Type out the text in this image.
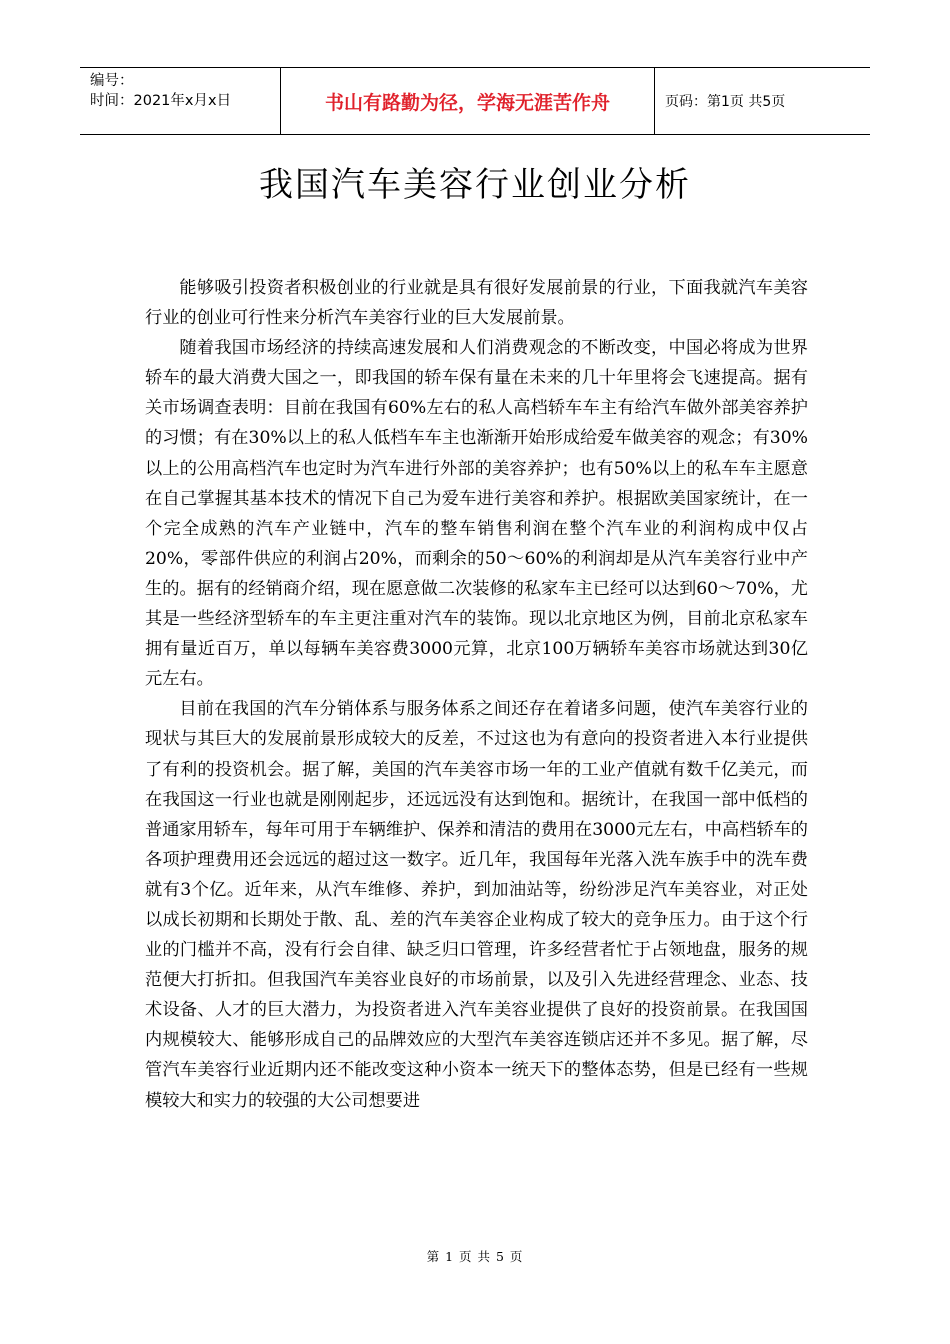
编号：
时间：2021年x月x日	书山有路勤为径，学海无涯苦作舟	页码：第1页 共5页
我国汽车美容行业创业分析

能够吸引投资者积极创业的行业就是具有很好发展前景的行业，下面我就汽车美容行业的创业可行性来分析汽车美容行业的巨大发展前景。

随着我国市场经济的持续高速发展和人们消费观念的不断改变，中国必将成为世界轿车的最大消费大国之一，即我国的轿车保有量在未来的几十年里将会飞速提高。据有关市场调查表明：目前在我国有60%左右的私人高档轿车车主有给汽车做外部美容养护的习惯；有在30%以上的私人低档车车主也渐渐开始形成给爱车做美容的观念；有30%以上的公用高档汽车也定时为汽车进行外部的美容养护；也有50%以上的私车车主愿意在自己掌握其基本技术的情况下自己为爱车进行美容和养护。根据欧美国家统计，在一个完全成熟的汽车产业链中，汽车的整车销售利润在整个汽车业的利润构成中仅占20%，零部件供应的利润占20%，而剩余的50～60%的利润却是从汽车美容行业中产生的。据有的经销商介绍，现在愿意做二次装修的私家车主已经可以达到60～70%，尤其是一些经济型轿车的车主更注重对汽车的装饰。现以北京地区为例，目前北京私家车拥有量近百万，单以每辆车美容费3000元算，北京100万辆轿车美容市场就达到30亿元左右。

目前在我国的汽车分销体系与服务体系之间还存在着诸多问题，使汽车美容行业的现状与其巨大的发展前景形成较大的反差，不过这也为有意向的投资者进入本行业提供了有利的投资机会。据了解，美国的汽车美容市场一年的工业产值就有数千亿美元，而在我国这一行业也就是刚刚起步，还远远没有达到饱和。据统计，在我国一部中低档的普通家用轿车，每年可用于车辆维护、保养和清洁的费用在3000元左右，中高档轿车的各项护理费用还会远远的超过这一数字。近几年，我国每年光落入洗车族手中的洗车费就有3个亿。近年来，从汽车维修、养护，到加油站等，纷纷涉足汽车美容业，对正处以成长初期和长期处于散、乱、差的汽车美容企业构成了较大的竞争压力。由于这个行业的门槛并不高，没有行会自律、缺乏归口管理，许多经营者忙于占领地盘，服务的规范便大打折扣。但我国汽车美容业良好的市场前景，以及引入先进经营理念、业态、技术设备、人才的巨大潜力，为投资者进入汽车美容业提供了良好的投资前景。在我国国内规模较大、能够形成自己的品牌效应的大型汽车美容连锁店还并不多见。据了解，尽管汽车美容行业近期内还不能改变这种小资本一统天下的整体态势，但是已经有一些规模较大和实力的较强的大公司想要进

第 1 页 共 5 页
